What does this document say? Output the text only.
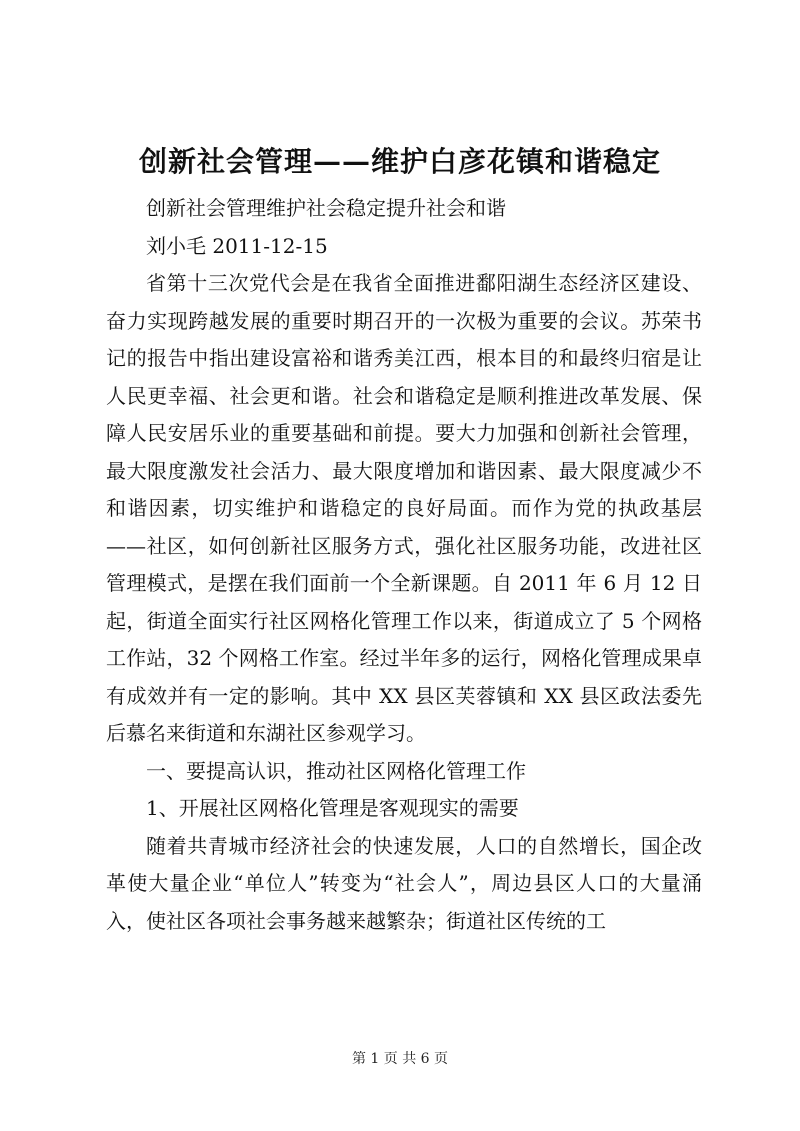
创新社会管理——维护白彦花镇和谐稳定

创新社会管理维护社会稳定提升社会和谐

刘小毛 2011-12-15

省第十三次党代会是在我省全面推进鄱阳湖生态经济区建设、奋力实现跨越发展的重要时期召开的一次极为重要的会议。苏荣书记的报告中指出建设富裕和谐秀美江西，根本目的和最终归宿是让人民更幸福、社会更和谐。社会和谐稳定是顺利推进改革发展、保障人民安居乐业的重要基础和前提。要大力加强和创新社会管理，最大限度激发社会活力、最大限度增加和谐因素、最大限度减少不和谐因素，切实维护和谐稳定的良好局面。而作为党的执政基层——社区，如何创新社区服务方式，强化社区服务功能，改进社区管理模式，是摆在我们面前一个全新课题。自 2011 年 6 月 12 日起，街道全面实行社区网格化管理工作以来，街道成立了 5 个网格工作站，32 个网格工作室。经过半年多的运行，网格化管理成果卓有成效并有一定的影响。其中 XX 县区芙蓉镇和 XX 县区政法委先后慕名来街道和东湖社区参观学习。

一、要提高认识，推动社区网格化管理工作

1、开展社区网格化管理是客观现实的需要

随着共青城市经济社会的快速发展，人口的自然增长，国企改革使大量企业“单位人”转变为“社会人”，周边县区人口的大量涌入，使社区各项社会事务越来越繁杂；街道社区传统的工

第 1 页 共 6 页
